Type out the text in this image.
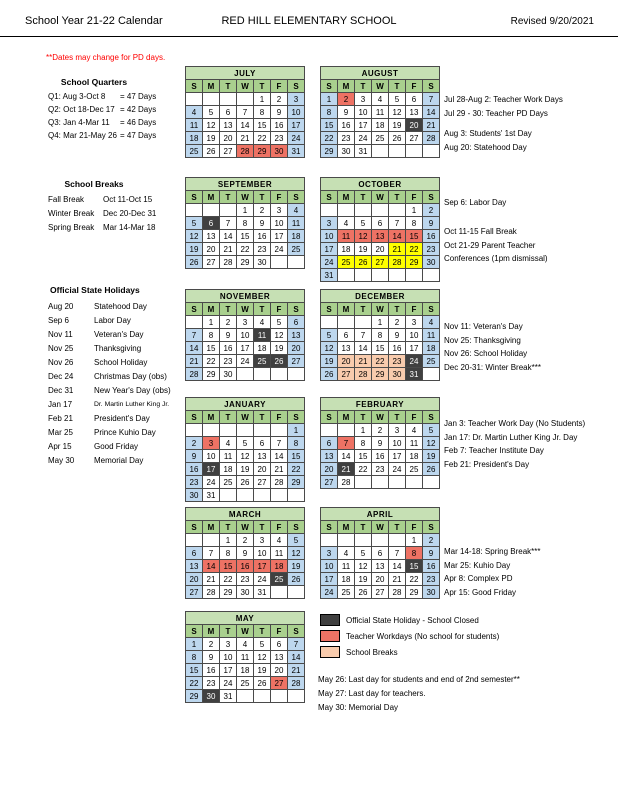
School Year 21-22 Calendar	RED HILL ELEMENTARY SCHOOL	Revised 9/20/2021
**Dates may change for PD days.
School Quarters
Q1: Aug 3-Oct 8 = 47 Days
Q2: Oct 18-Dec 17 = 42 Days
Q3: Jan 4-Mar 11 = 46 Days
Q4: Mar 21-May 26 = 47 Days
School Breaks
Fall Break Oct 11-Oct 15
Winter Break Dec 20-Dec 31
Spring Break Mar 14-Mar 18
Official State Holidays
Aug 20	Statehood Day
Sep 6	Labor Day
Nov 11	Veteran's Day
Nov 25	Thanksgiving
Nov 26	School Holiday
Dec 24	Christmas Day (obs)
Dec 31	New Year's Day (obs)
Jan 17	Dr. Martin Luther King Jr.
Feb 21	President's Day
Mar 25	Prince Kuhio Day
Apr 15	Good Friday
May 30 Memorial Day
JULY						
S	M	T	W	T	F	S
				1	2	3
4	5	6	7	8	9	10
11	12	13	14	15	16	17
18	19	20	21	22	23	24
25	26	27	28	29	30	31
AUGUST						
S	M	T	W	T	F	S
1	2	3	4	5	6	7
8	9	10	11	12	13	14
15	16	17	18	19	20	21
22	23	24	25	26	27	28
29	30	31				
SEPTEMBER						
S	M	T	W	T	F	S
			1	2	3	4
5	6	7	8	9	10	11
12	13	14	15	16	17	18
19	20	21	22	23	24	25
26	27	28	29	30		
OCTOBER						
S	M	T	W	T	F	S
					1	2
3	4	5	6	7	8	9
10	11	12	13	14	15	16
17	18	19	20	21	22	23
24	25	26	27	28	29	30
31						
NOVEMBER						
S	M	T	W	T	F	S
	1	2	3	4	5	6
7	8	9	10	11	12	13
14	15	16	17	18	19	20
21	22	23	24	25	26	27
28	29	30				
DECEMBER						
S	M	T	W	T	F	S
			1	2	3	4
5	6	7	8	9	10	11
12	13	14	15	16	17	18
19	20	21	22	23	24	25
26	27	28	29	30	31	
JANUARY						
S	M	T	W	T	F	S
						1
2	3	4	5	6	7	8
9	10	11	12	13	14	15
16	17	18	19	20	21	22
23	24	25	26	27	28	29
30	31					
FEBRUARY						
S	M	T	W	T	F	S
		1	2	3	4	5
6	7	8	9	10	11	12
13	14	15	16	17	18	19
20	21	22	23	24	25	26
27	28					
MARCH						
S	M	T	W	T	F	S
		1	2	3	4	5
6	7	8	9	10	11	12
13	14	15	16	17	18	19
20	21	22	23	24	25	26
27	28	29	30	31		
APRIL						
S	M	T	W	T	F	S
					1	2
3	4	5	6	7	8	9
10	11	12	13	14	15	16
17	18	19	20	21	22	23
24	25	26	27	28	29	30
MAY						
S	M	T	W	T	F	S
1	2	3	4	5	6	7
8	9	10	11	12	13	14
15	16	17	18	19	20	21
22	23	24	25	26	27	28
29	30	31				
Jul 28-Aug 2: Teacher Work Days
Jul 29 - 30: Teacher PD Days
Aug 3: Students' 1st Day
Aug 20: Statehood Day
Sep 6: Labor Day
Oct 11-15 Fall Break
Oct 21-29 Parent Teacher
Conferences (1pm dismissal)
Nov 11: Veteran's Day
Nov 25: Thanksgiving
Nov 26: School Holiday
Dec 20-31: Winter Break***
Jan 3: Teacher Work Day (No Students)
Jan 17: Dr. Martin Luther King Jr. Day
Feb 7: Teacher Institute Day
Feb 21: President's Day
Mar 14-18: Spring Break***
Mar 25: Kuhio Day
Apr 8: Complex PD
Apr 15: Good Friday
Official State Holiday - School Closed
Teacher Workdays (No school for students)
School Breaks
May 26: Last day for students and end of 2nd semester**
May 27: Last day for teachers.
May 30: Memorial Day
